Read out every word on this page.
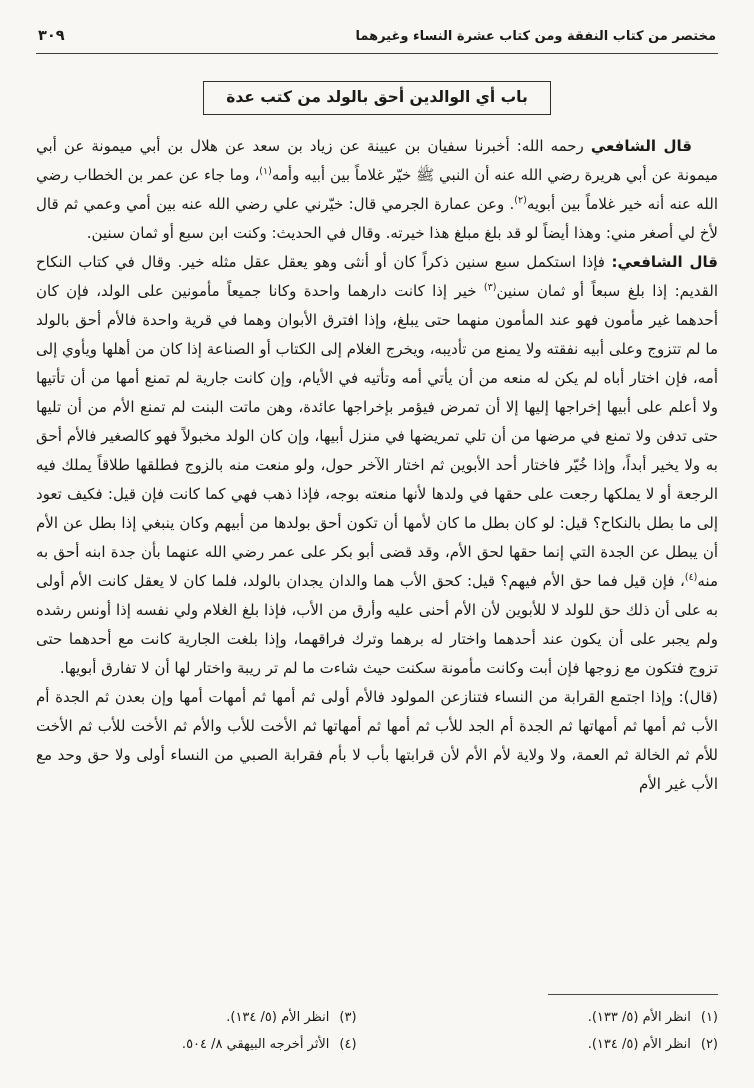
مختصر من كتاب النفقة ومن كتاب عشرة النساء وغيرهما
٣٠٩
باب أي الوالدين أحق بالولد من كتب عدة

قال الشافعي رحمه الله: أخبرنا سفيان بن عيينة عن زياد بن سعد عن هلال بن أبي ميمونة عن أبي ميمونة عن أبي هريرة رضي الله عنه أن النبي ﷺ خيّر غلاماً بين أبيه وأمه$^{(١)}$، وما جاء عن عمر بن الخطاب رضي الله عنه أنه خير غلاماً بين أبويه$^{(٢)}$. وعن عمارة الجرمي قال: خيّرني علي رضي الله عنه بين أمي وعمي ثم قال لأخ لي أصغر مني: وهذا أيضاً لو قد بلغ مبلغ هذا خيرته. وقال في الحديث: وكنت ابن سبع أو ثمان سنين.

قال الشافعي: فإذا استكمل سبع سنين ذكراً كان أو أنثى وهو يعقل عقل مثله خير. وقال في كتاب النكاح القديم: إذا بلغ سبعاً أو ثمان سنين$^{(٣)}$ خير إذا كانت دارهما واحدة وكانا جميعاً مأمونين على الولد، فإن كان أحدهما غير مأمون فهو عند المأمون منهما حتى يبلغ، وإذا افترق الأبوان وهما في قرية واحدة فالأم أحق بالولد ما لم تتزوج وعلى أبيه نفقته ولا يمنع من تأديبه، ويخرج الغلام إلى الكتاب أو الصناعة إذا كان من أهلها ويأوي إلى أمه، فإن اختار أباه لم يكن له منعه من أن يأتي أمه وتأتيه في الأيام، وإن كانت جارية لم تمنع أمها من أن تأتيها ولا أعلم على أبيها إخراجها إليها إلا أن تمرض فيؤمر بإخراجها عائدة، وهن ماتت البنت لم تمنع الأم من أن تليها حتى تدفن ولا تمنع في مرضها من أن تلي تمريضها في منزل أبيها، وإن كان الولد مخبولاً فهو كالصغير فالأم أحق به ولا يخير أبداً، وإذا خُيّر فاختار أحد الأبوين ثم اختار الآخر حول، ولو منعت منه بالزوج فطلقها طلاقاً يملك فيه الرجعة أو لا يملكها رجعت على حقها في ولدها لأنها منعته بوجه، فإذا ذهب فهي كما كانت فإن قيل: فكيف تعود إلى ما بطل بالنكاح؟ قيل: لو كان بطل ما كان لأمها أن تكون أحق بولدها من أبيهم وكان ينبغي إذا بطل عن الأم أن يبطل عن الجدة التي إنما حقها لحق الأم، وقد قضى أبو بكر على عمر رضي الله عنهما بأن جدة ابنه أحق به منه$^{(٤)}$، فإن قيل فما حق الأم فيهم؟ قيل: كحق الأب هما والدان يجدان بالولد، فلما كان لا يعقل كانت الأم أولى به على أن ذلك حق للولد لا للأبوين لأن الأم أحنى عليه وأرق من الأب، فإذا بلغ الغلام ولي نفسه إذا أونس رشده ولم يجبر على أن يكون عند أحدهما واختار له برهما وترك فراقهما، وإذا بلغت الجارية كانت مع أحدهما حتى تزوج فتكون مع زوجها فإن أبت وكانت مأمونة سكنت حيث شاءت ما لم تر ريبة واختار لها أن لا تفارق أبويها.

(قال): وإذا اجتمع القرابة من النساء فتنازعن المولود فالأم أولى ثم أمها ثم أمهات أمها وإن بعدن ثم الجدة أم الأب ثم أمها ثم أمهاتها ثم الجدة أم الجد للأب ثم أمها ثم أمهاتها ثم الأخت للأب والأم ثم الأخت للأب ثم الأخت للأم ثم الخالة ثم العمة، ولا ولاية لأم الأم لأن قرابتها بأب لا بأم فقرابة الصبي من النساء أولى ولا حق وحد مع الأب غير الأم

(١)انظر الأم (٥/ ١٣٣).
(٢)انظر الأم (٥/ ١٣٤).
(٣)انظر الأم (٥/ ١٣٤).
(٤)الأثر أخرجه البيهقي ٨/ ٥٠٤.
